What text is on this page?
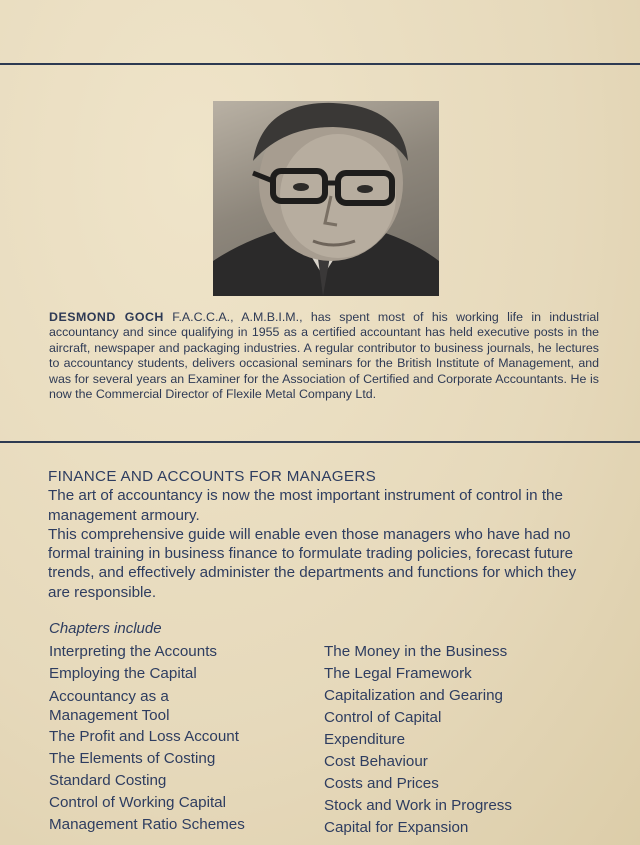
DESMOND GOCH F.A.C.C.A., A.M.B.I.M., has spent most of his working life in industrial accountancy and since qualifying in 1955 as a certified accountant has held executive posts in the aircraft, newspaper and packaging industries. A regular contributor to business journals, he lectures to accountancy students, delivers occasional seminars for the British Institute of Management, and was for several years an Examiner for the Association of Certified and Corporate Accountants. He is now the Commercial Director of Flexile Metal Company Ltd.

FINANCE AND ACCOUNTS FOR MANAGERS

The art of accountancy is now the most important instrument of control in the management armoury.

This comprehensive guide will enable even those managers who have had no formal training in business finance to formulate trading policies, forecast future trends, and effectively administer the departments and functions for which they are responsible.

Chapters include
Interpreting the Accounts
Employing the Capital
Accountancy as a Management Tool
The Profit and Loss Account
The Elements of Costing
Standard Costing
Control of Working Capital
Management Ratio Schemes
The Money in the Business
The Legal Framework
Capitalization and Gearing
Control of Capital
Expenditure
Cost Behaviour
Costs and Prices
Stock and Work in Progress
Capital for Expansion
